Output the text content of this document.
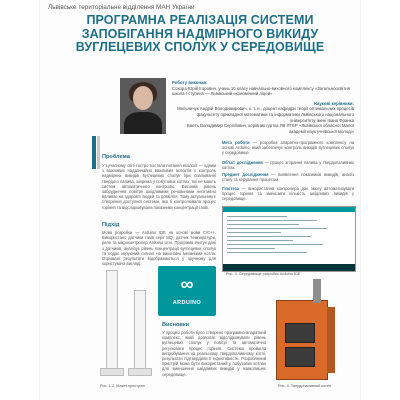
Львівське територіальне відділення МАН України
ПРОГРАМНА РЕАЛІЗАЦІЯ СИСТЕМИ
ЗАПОБІГАННЯ НАДМІРНОГО ВИКИДУ
ВУГЛЕЦЕВИХ СПОЛУК У СЕРЕДОВИЩЕ
Роботу виконав:
Сохора Юрій Ігорович, учень 10 класу навчально-виховного комплексу «Загальноосвітня школа І ступеня — Львівський економічний ліцей»
Наукові керівники:
Мельничук Андрій Володимирович, к. т. н., доцент кафедри теорії оптимальних процесів факультету прикладної математики та інформатики Львівського національного університету імені Івана Франка
Кметь Володимир Сергійович, керівник гуртка ЛВ ЛТЕР «Львівської обласної Малої академії наук учнівської молоді»
Проблема
У сучасному світі гостро постала питання екології — одним з важливих надзвичайно важливих аспектів є контроль надмірних викидів вуглецевих сполук при спалюванні твердого палива, зокрема у побутових котлах, які не мають систем автоматичного контролю. Високий рівень забруднення повітря шкідливими речовинами негативно впливає на здоров'я людей та довкілля. Тому актуальним є створення доступної системи, яка б контролювала процес горіння та відслідковувала показники концентрації газів.
Мета роботи — розробка апаратно-програмного комплексу на основі Arduino, який забезпечує контроль викидів вуглецевих сполук у середовище.
Об'єкт дослідження — процес згорання палива у твердопаливних котлах.
Предмет дослідження — виявлення показників викидів, аналіз стану та керування процесом.
Гіпотеза — використання контролера дає змогу автоматизувати процес горіння та зменшити кількість шкідливих викидів у середовище.
Підхід
Мова розробки — Arduino IDE на основі мови C/C++. Використано датчики газів серії MQ, датчик температури, реле та мікроконтролер Arduino Uno. Програма зчитує дані з датчиків, аналізує рівень концентрації вуглецевих сполук та подає керуючий сигнал на виконавчі механізми котла. Отримані результати відображаються у зручному для користувача вигляді.
Рис. 3. Середовище розробки Arduino IDE
Рис. 1-2. Макет пристрою
∞
ARDUINO
Висновки
У процесі роботи було створено програмно-апаратний комплекс, який дозволяє відслідковувати рівень вуглецевих сполук у повітрі та автоматично регулювати процес горіння. Система пройшла випробування на реальному твердопаливному котлі, результати підтвердили її ефективність. Розроблений пристрій може бути використаний у побутових котлах для зменшення шкідливих викидів у навколишнє середовище.
Рис. 4. Твердопаливний котел
